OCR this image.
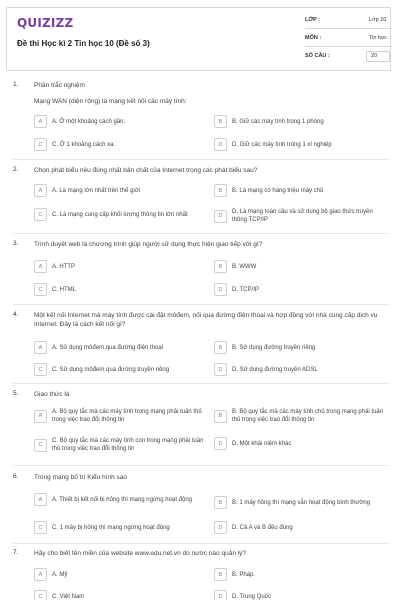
QUIZIZZ
Đề thi Học kì 2 Tin học 10 (Đề số 3)
LỚP :	Lớp 10
MÔN :	Tin học
SỐ CÂU :	20
1. Phần trắc nghiệm
Mạng WAN (diện rộng) là mạng kết nối các máy tính:
A	A. Ở một khoảng cách gần.	B	B. Giữ các máy tính trong 1 phòng
C	C. Ở 1 khoảng cách xa.	D	D. Giữ các máy tính trong 1 xí nghiệp
2. Chọn phát biểu nêu đúng nhất bản chất của Internet trong các phát biểu sau?
A	A. Là mạng lớn nhất trên thế giới	B	B. Là mạng có hàng triệu máy chủ
C	C. Là mạng cung cấp khối lượng thông tin lớn nhất	D
D. Là mạng toàn cầu và sử dụng bộ giao thức truyền thông TCP/IP
3. Trình duyệt web là chương trình giúp người sử dụng thực hiện giao tiếp với gì?
A	A. HTTP	B	B. WWW
C	C. HTML	D	D. TCP/IP
4. Một kết nối Internet mà máy tính được cài đặt môđem, nối qua đường điện thoại và hợp đồng với nhà cung cấp dịch vụ Internet. Đây là cách kết nối gì?
A	A. Sử dụng môđem qua đường điện thoại	B	B. Sử dụng đường truyền riêng
C	C. Sử dụng môđem qua đường truyền riêng	D	D. Sử dụng đường truyền ADSL
5. Giao thức là
A
A. Bộ quy tắc mà các máy tính trong mạng phải tuân thủ trong việc trao đổi thông tin
B
B. Bộ quy tắc mà các máy tính chủ trong mạng phải tuân thủ trong việc trao đổi thông tin
C
C. Bộ quy tắc mà các máy tính con trong mạng phải tuân thủ trong việc trao đổi thông tin
D	D. Một khái niệm khác
6. Trong mạng bố trí Kiểu hình sao
A	A. Thiết bị kết nối bị hỏng thì mạng ngừng hoạt động	B	B. 1 máy hỏng thì mạng vẫn hoạt động bình thường
C	C. 1 máy bị hỏng thì mạng ngừng hoạt động	D	D. Cả A và B đều đúng
7. Hãy cho biết tên miền của website www.edu.net.vn do nước nào quản lý?
A	A. Mỹ	B	B. Pháp.
C	C. Việt Nam	D	D. Trung Quốc
